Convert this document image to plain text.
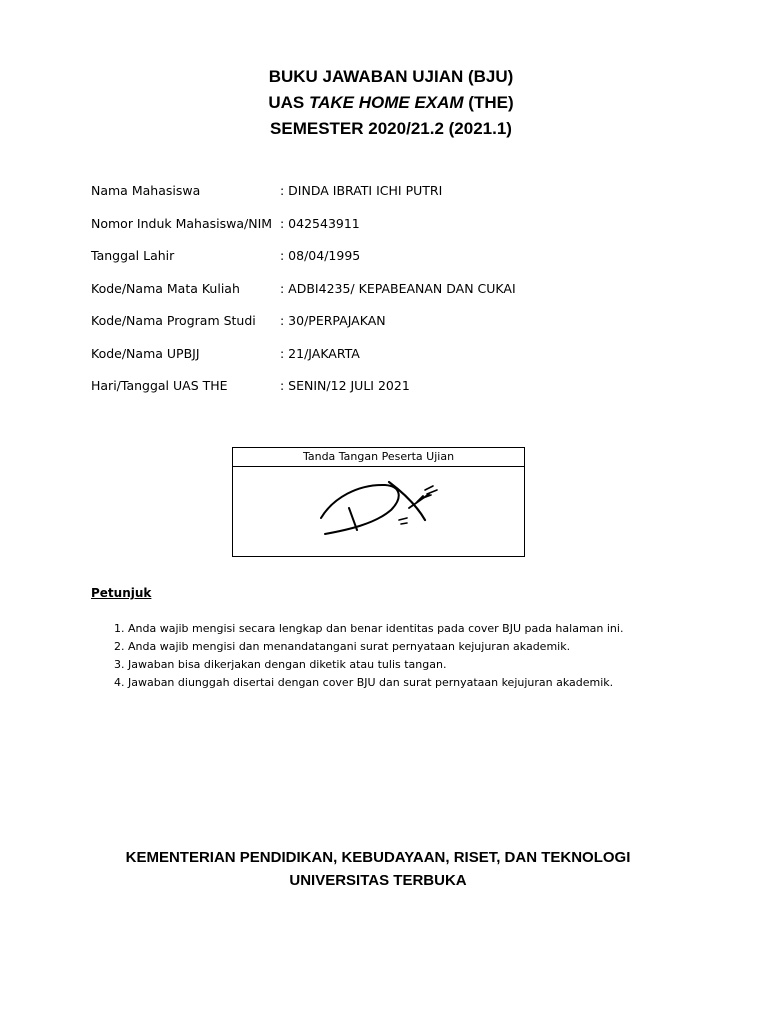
BUKU JAWABAN UJIAN (BJU)
UAS TAKE HOME EXAM (THE)
SEMESTER 2020/21.2 (2021.1)
Nama Mahasiswa	: DINDA IBRATI ICHI PUTRI
Nomor Induk Mahasiswa/NIM : 042543911
Tanggal Lahir	: 08/04/1995
Kode/Nama Mata Kuliah	: ADBI4235/ KEPABEANAN DAN CUKAI
Kode/Nama Program Studi : 30/PERPAJAKAN
Kode/Nama UPBJJ	: 21/JAKARTA
Hari/Tanggal UAS THE	: SENIN/12 JULI 2021
Tanda Tangan Peserta Ujian
Petunjuk
1. Anda wajib mengisi secara lengkap dan benar identitas pada cover BJU pada halaman ini.
2. Anda wajib mengisi dan menandatangani surat pernyataan kejujuran akademik.
3. Jawaban bisa dikerjakan dengan diketik atau tulis tangan.
4. Jawaban diunggah disertai dengan cover BJU dan surat pernyataan kejujuran akademik.
KEMENTERIAN PENDIDIKAN, KEBUDAYAAN, RISET, DAN TEKNOLOGI
UNIVERSITAS TERBUKA
